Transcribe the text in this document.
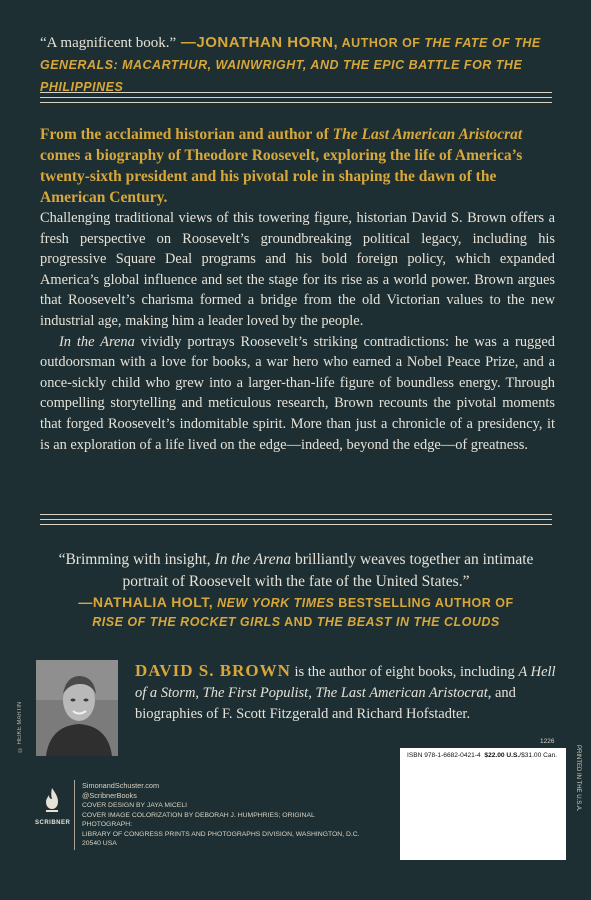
“A magnificent book.” —JONATHAN HORN, AUTHOR OF THE FATE OF THE GENERALS: MACARTHUR, WAINWRIGHT, AND THE EPIC BATTLE FOR THE PHILIPPINES
From the acclaimed historian and author of The Last American Aristocrat comes a biography of Theodore Roosevelt, exploring the life of America’s twenty-sixth president and his pivotal role in shaping the dawn of the American Century.

Challenging traditional views of this towering figure, historian David S. Brown offers a fresh perspective on Roosevelt’s groundbreaking political legacy, including his progressive Square Deal programs and his bold foreign policy, which expanded America’s global influence and set the stage for its rise as a world power. Brown argues that Roosevelt’s charisma formed a bridge from the old Victorian values to the new industrial age, making him a leader loved by the people.

In the Arena vividly portrays Roosevelt’s striking contradictions: he was a rugged outdoorsman with a love for books, a war hero who earned a Nobel Peace Prize, and a once-sickly child who grew into a larger-than-life figure of boundless energy. Through compelling storytelling and meticulous research, Brown recounts the pivotal moments that forged Roosevelt’s indomitable spirit. More than just a chronicle of a presidency, it is an exploration of a life lived on the edge—indeed, beyond the edge—of greatness.

“Brimming with insight, In the Arena brilliantly weaves together an intimate portrait of Roosevelt with the fate of the United States.”
—NATHALIA HOLT, NEW YORK TIMES BESTSELLING AUTHOR OF
RISE OF THE ROCKET GIRLS AND THE BEAST IN THE CLOUDS
© HEIKE MARTIN
DAVID S. BROWN is the author of eight books, including A Hell of a Storm, The First Populist, The Last American Aristocrat, and biographies of F. Scott Fitzgerald and Richard Hofstadter.
SCRIBNER
SimonandSchuster.com
@ScribnerBooks
COVER DESIGN BY JAYA MICELI
COVER IMAGE COLORIZATION BY DEBORAH J. HUMPHRIES; ORIGINAL PHOTOGRAPH:
LIBRARY OF CONGRESS PRINTS AND PHOTOGRAPHS DIVISION, WASHINGTON, D.C. 20540 USA
1226
ISBN 978-1-6682-0421-4 $22.00 U.S./$31.00 Can.	PRINTED IN THE U.S.A.
